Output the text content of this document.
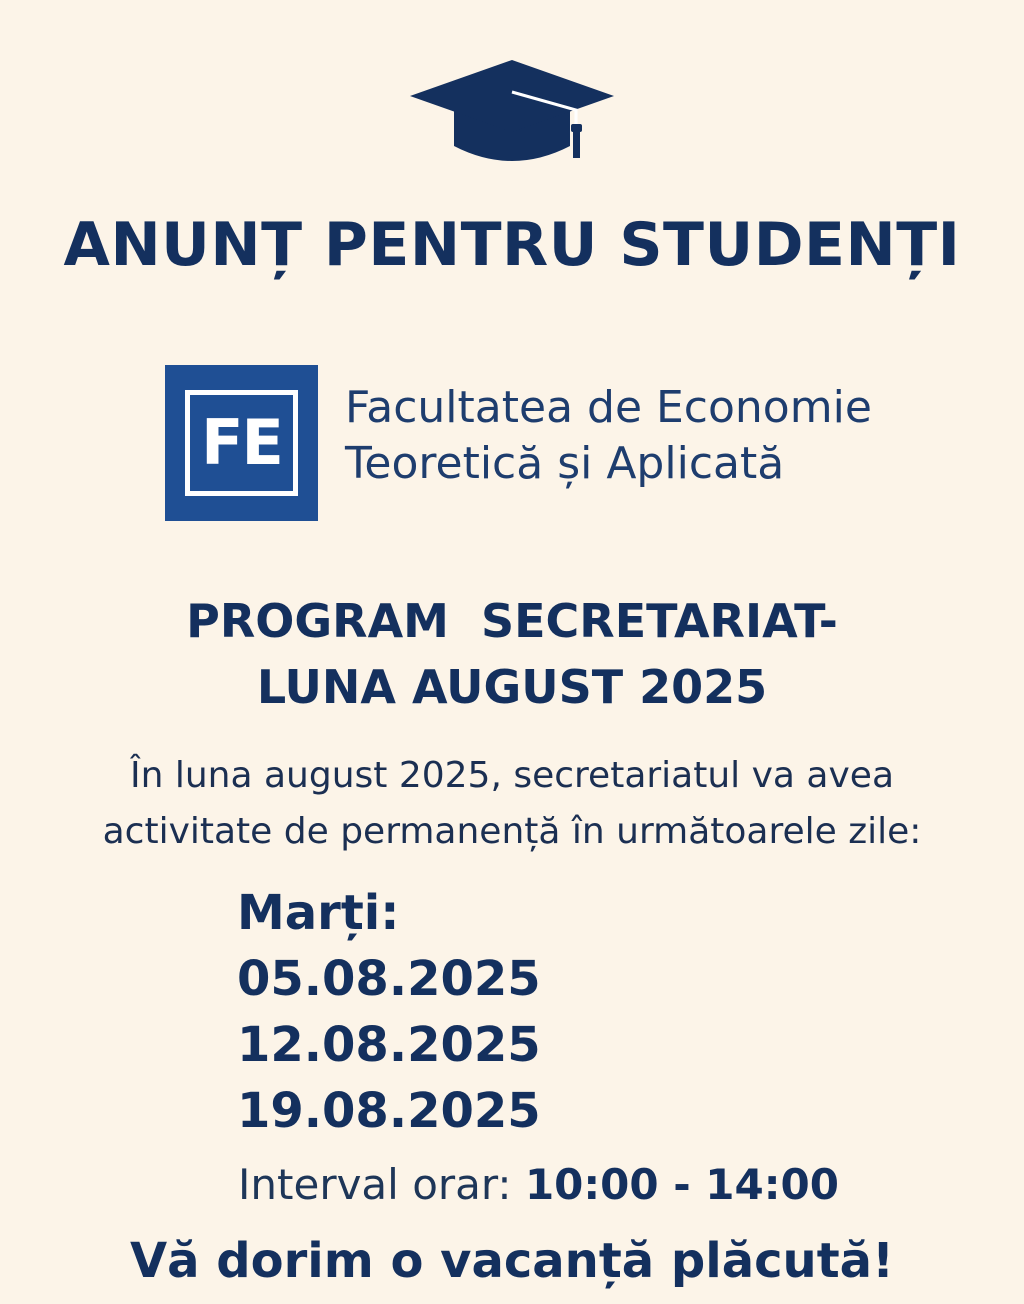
ANUNȚ PENTRU STUDENȚI
FE Facultatea de Economie
Teoretică și Aplicată
PROGRAM  SECRETARIAT-
LUNA AUGUST 2025
În luna august 2025, secretariatul va avea
activitate de permanență în următoarele zile:
Marți:
05.08.2025
12.08.2025
19.08.2025
Interval orar: 10:00 - 14:00
Vă dorim o vacanță plăcută!
